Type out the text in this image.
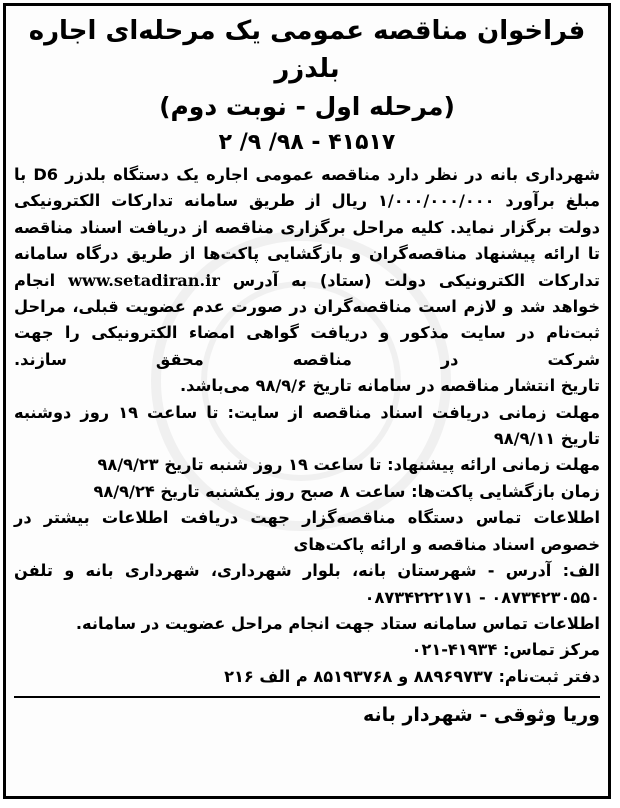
فراخوان مناقصه عمومی یک مرحله‌ای اجاره بلدزر
(مرحله اول - نوبت دوم)
۴۱۵۱۷ - ۹۸/ ۹/ ۲

شهرداری بانه در نظر دارد مناقصه عمومی اجاره یک دستگاه بلدزر D6 با مبلغ برآورد ۱/۰۰۰/۰۰۰/۰۰۰ ریال از طریق سامانه تدارکات الکترونیکی دولت برگزار نماید. کلیه مراحل برگزاری مناقصه از دریافت اسناد مناقصه تا ارائه پیشنهاد مناقصه‌گران و بازگشایی پاکت‌ها از طریق درگاه سامانه تدارکات الکترونیکی دولت (ستاد) به آدرس www.setadiran.ir انجام خواهد شد و لازم است مناقصه‌گران در صورت عدم عضویت قبلی، مراحل ثبت‌نام در سایت مذکور و دریافت گواهی امضاء الکترونیکی را جهت شرکت در مناقصه محقق سازند.

تاریخ انتشار مناقصه در سامانه تاریخ ۹۸/۹/۶ می‌باشد.

مهلت زمانی دریافت اسناد مناقصه از سایت: تا ساعت ۱۹ روز دوشنبه تاریخ ۹۸/۹/۱۱

مهلت زمانی ارائه پیشنهاد: تا ساعت ۱۹ روز شنبه تاریخ ۹۸/۹/۲۳

زمان بازگشایی پاکت‌ها: ساعت ۸ صبح روز یکشنبه تاریخ ۹۸/۹/۲۴

اطلاعات تماس دستگاه مناقصه‌گزار جهت دریافت اطلاعات بیشتر در خصوص اسناد مناقصه و ارائه پاکت‌های

الف: آدرس - شهرستان بانه، بلوار شهرداری، شهرداری بانه و تلفن ۰۸۷۳۴۲۳۰۵۵۰ - ۰۸۷۳۴۲۲۲۱۷۱

اطلاعات تماس سامانه ستاد جهت انجام مراحل عضویت در سامانه.

مرکز تماس: ۴۱۹۳۴-۰۲۱

دفتر ثبت‌نام: ۸۸۹۶۹۷۳۷ و ۸۵۱۹۳۷۶۸ م الف ۲۱۶

وریا وثوقی - شهردار بانه
